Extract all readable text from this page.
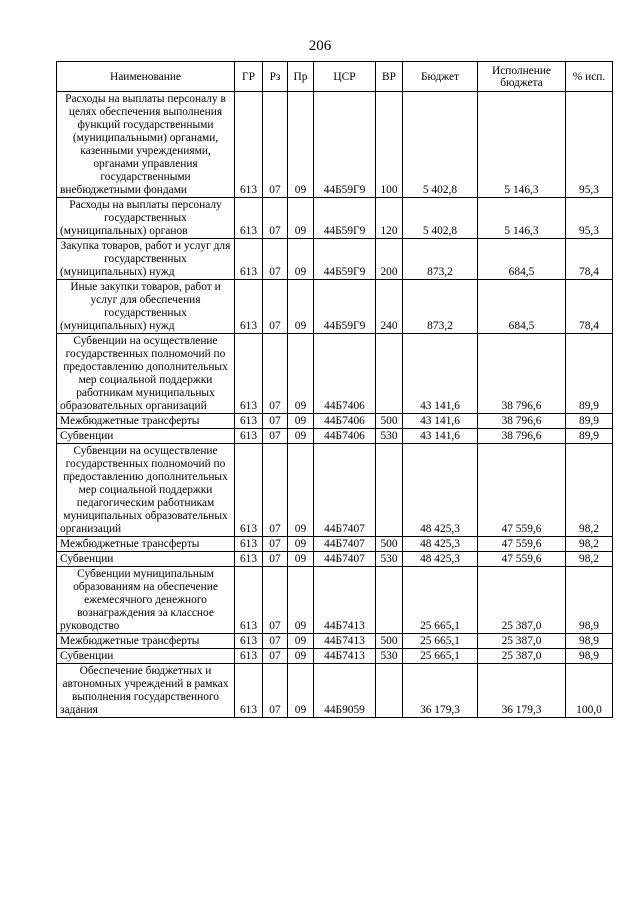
206
Наименование	ГР	Рз	Пр	ЦСР	ВР	Бюджет	Исполнение бюджета	% исп.
Расходы на выплаты персоналу в целях обеспечения выполнения функций государственными (муниципальными) органами, казенными учреждениями, органами управления государственными внебюджетными фондами	613	07	09	44Б59Г9	100	5 402,8	5 146,3	95,3
Расходы на выплаты персоналу государственных (муниципальных) органов	613	07	09	44Б59Г9	120	5 402,8	5 146,3	95,3
Закупка товаров, работ и услуг для государственных (муниципальных) нужд	613	07	09	44Б59Г9	200	873,2	684,5	78,4
Иные закупки товаров, работ и услуг для обеспечения государственных (муниципальных) нужд	613	07	09	44Б59Г9	240	873,2	684,5	78,4
Субвенции на осуществление государственных полномочий по предоставлению дополнительных мер социальной поддержки работникам муниципальных образовательных организаций	613	07	09	44Б7406		43 141,6	38 796,6	89,9
Межбюджетные трансферты	613	07	09	44Б7406	500	43 141,6	38 796,6	89,9
Субвенции	613	07	09	44Б7406	530	43 141,6	38 796,6	89,9
Субвенции на осуществление государственных полномочий по предоставлению дополнительных мер социальной поддержки педагогическим работникам муниципальных образовательных организаций	613	07	09	44Б7407		48 425,3	47 559,6	98,2
Межбюджетные трансферты	613	07	09	44Б7407	500	48 425,3	47 559,6	98,2
Субвенции	613	07	09	44Б7407	530	48 425,3	47 559,6	98,2
Субвенции муниципальным образованиям на обеспечение ежемесячного денежного вознаграждения за классное руководство	613	07	09	44Б7413		25 665,1	25 387,0	98,9
Межбюджетные трансферты	613	07	09	44Б7413	500	25 665,1	25 387,0	98,9
Субвенции	613	07	09	44Б7413	530	25 665,1	25 387,0	98,9
Обеспечение бюджетных и автономных учреждений в рамках выполнения государственного задания	613	07	09	44Б9059		36 179,3	36 179,3	100,0
